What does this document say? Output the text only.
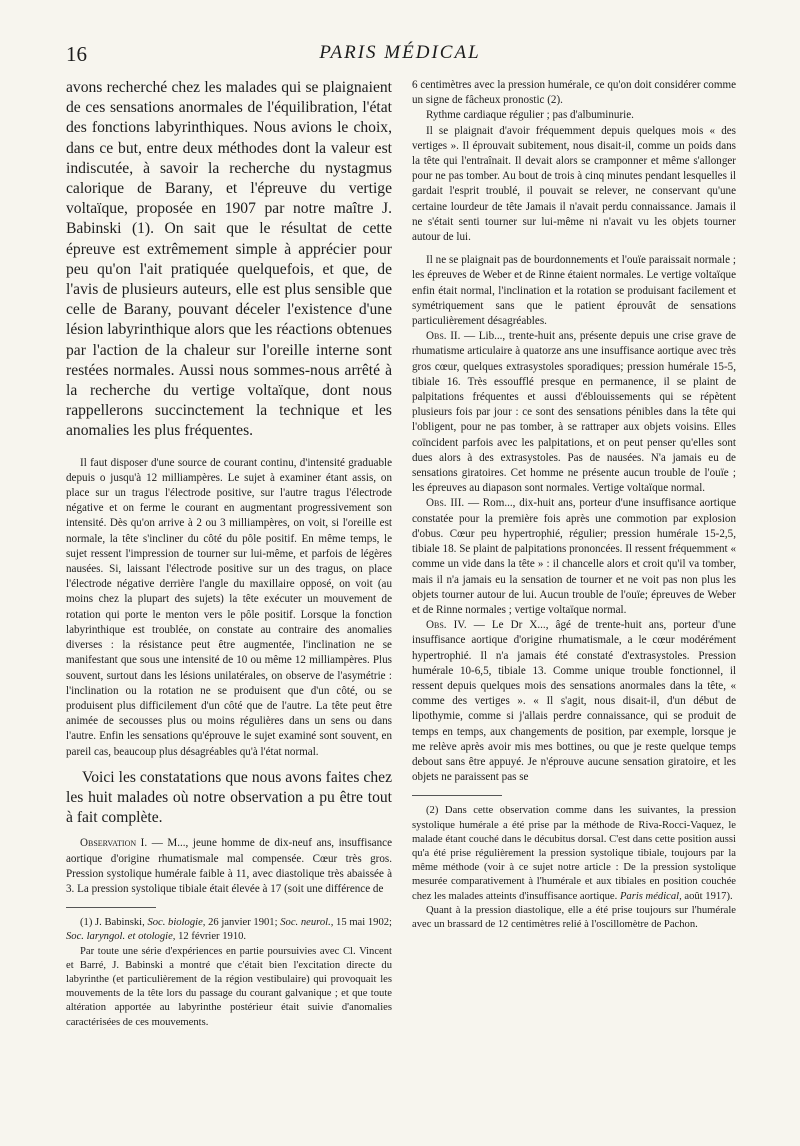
16	PARIS MÉDICAL

avons recherché chez les malades qui se plaignaient de ces sensations anormales de l'équilibration, l'état des fonctions labyrinthiques. Nous avions le choix, dans ce but, entre deux méthodes dont la valeur est indiscutée, à savoir la recherche du nystagmus calorique de Barany, et l'épreuve du vertige voltaïque, proposée en 1907 par notre maître J. Babinski (1). On sait que le résultat de cette épreuve est extrêmement simple à apprécier pour peu qu'on l'ait pratiquée quelquefois, et que, de l'avis de plusieurs auteurs, elle est plus sensible que celle de Barany, pouvant déceler l'existence d'une lésion labyrinthique alors que les réactions obtenues par l'action de la chaleur sur l'oreille interne sont restées normales. Aussi nous sommes-nous arrêté à la recherche du vertige voltaïque, dont nous rappellerons succinctement la technique et les anomalies les plus fréquentes.

Il faut disposer d'une source de courant continu, d'intensité graduable depuis o jusqu'à 12 milliampères. Le sujet à examiner étant assis, on place sur un tragus l'électrode positive, sur l'autre tragus l'électrode négative et on ferme le courant en augmentant progressivement son intensité. Dès qu'on arrive à 2 ou 3 milliampères, on voit, si l'oreille est normale, la tête s'incliner du côté du pôle positif. En même temps, le sujet ressent l'impression de tourner sur lui-même, et parfois de légères nausées. Si, laissant l'électrode positive sur un des tragus, on place l'électrode négative derrière l'angle du maxillaire opposé, on voit (au moins chez la plupart des sujets) la tête exécuter un mouvement de rotation qui porte le menton vers le pôle positif. Lorsque la fonction labyrinthique est troublée, on constate au contraire des anomalies diverses : la résistance peut être augmentée, l'inclination ne se manifestant que sous une intensité de 10 ou même 12 milliampères. Plus souvent, surtout dans les lésions unilatérales, on observe de l'asymétrie : l'inclination ou la rotation ne se produisent que d'un côté, ou se produisent plus difficilement d'un côté que de l'autre. La tête peut être animée de secousses plus ou moins régulières dans un sens ou dans l'autre. Enfin les sensations qu'éprouve le sujet examiné sont souvent, en pareil cas, beaucoup plus désagréables qu'à l'état normal.

Voici les constatations que nous avons faites chez les huit malades où notre observation a pu être tout à fait complète.

Observation I. — M..., jeune homme de dix-neuf ans, insuffisance aortique d'origine rhumatismale mal compensée. Cœur très gros. Pression systolique humérale faible à 11, avec diastolique très abaissée à 3. La pression systolique tibiale était élevée à 17 (soit une différence de

(1) J. Babinski, Soc. biologie, 26 janvier 1901; Soc. neurol., 15 mai 1902; Soc. laryngol. et otologie, 12 février 1910.

Par toute une série d'expériences en partie poursuivies avec Cl. Vincent et Barré, J. Babinski a montré que c'était bien l'excitation directe du labyrinthe (et particulièrement de la région vestibulaire) qui provoquait les mouvements de la tête lors du passage du courant galvanique ; et que toute altération apportée au labyrinthe postérieur était suivie d'anomalies caractérisées de ces mouvements.

6 centimètres avec la pression humérale, ce qu'on doit considérer comme un signe de fâcheux pronostic (2).

Rythme cardiaque régulier ; pas d'albuminurie.

Il se plaignait d'avoir fréquemment depuis quelques mois « des vertiges ». Il éprouvait subitement, nous disait-il, comme un poids dans la tête qui l'entraînait. Il devait alors se cramponner et même s'allonger pour ne pas tomber. Au bout de trois à cinq minutes pendant lesquelles il gardait l'esprit troublé, il pouvait se relever, ne conservant qu'une certaine lourdeur de tête Jamais il n'avait perdu connaissance. Jamais il ne s'était senti tourner sur lui-même ni n'avait vu les objets tourner autour de lui.

Il ne se plaignait pas de bourdonnements et l'ouïe paraissait normale ; les épreuves de Weber et de Rinne étaient normales. Le vertige voltaïque enfin était normal, l'inclination et la rotation se produisant facilement et symétriquement sans que le patient éprouvât de sensations particulièrement désagréables.

Obs. II. — Lib..., trente-huit ans, présente depuis une crise grave de rhumatisme articulaire à quatorze ans une insuffisance aortique avec très gros cœur, quelques extrasystoles sporadiques; pression humérale 15-5, tibiale 16. Très essoufflé presque en permanence, il se plaint de palpitations fréquentes et aussi d'éblouissements qui se répètent plusieurs fois par jour : ce sont des sensations pénibles dans la tête qui l'obligent, pour ne pas tomber, à se rattraper aux objets voisins. Elles coïncident parfois avec les palpitations, et on peut penser qu'elles sont dues alors à des extrasystoles. Pas de nausées. N'a jamais eu de sensations giratoires. Cet homme ne présente aucun trouble de l'ouïe ; les épreuves au diapason sont normales. Vertige voltaïque normal.

Obs. III. — Rom..., dix-huit ans, porteur d'une insuffisance aortique constatée pour la première fois après une commotion par explosion d'obus. Cœur peu hypertrophié, régulier; pression humérale 15-2,5, tibiale 18. Se plaint de palpitations prononcées. Il ressent fréquemment « comme un vide dans la tête » : il chancelle alors et croit qu'il va tomber, mais il n'a jamais eu la sensation de tourner et ne voit pas non plus les objets tourner autour de lui. Aucun trouble de l'ouïe; épreuves de Weber et de Rinne normales ; vertige voltaïque normal.

Obs. IV. — Le Dr X..., âgé de trente-huit ans, porteur d'une insuffisance aortique d'origine rhumatismale, a le cœur modérément hypertrophié. Il n'a jamais été constaté d'extrasystoles. Pression humérale 10-6,5, tibiale 13. Comme unique trouble fonctionnel, il ressent depuis quelques mois des sensations anormales dans la tête, « comme des vertiges ». « Il s'agit, nous disait-il, d'un début de lipothymie, comme si j'allais perdre connaissance, qui se produit de temps en temps, aux changements de position, par exemple, lorsque je me relève après avoir mis mes bottines, ou que je reste quelque temps debout sans être appuyé. Je n'éprouve aucune sensation giratoire, et les objets ne paraissent pas se

(2) Dans cette observation comme dans les suivantes, la pression systolique humérale a été prise par la méthode de Riva-Rocci-Vaquez, le malade étant couché dans le décubitus dorsal. C'est dans cette position aussi qu'a été prise régulièrement la pression systolique tibiale, toujours par la même méthode (voir à ce sujet notre article : De la pression systolique mesurée comparativement à l'humérale et aux tibiales en position couchée chez les malades atteints d'insuffisance aortique. Paris médical, août 1917).

Quant à la pression diastolique, elle a été prise toujours sur l'humérale avec un brassard de 12 centimètres relié à l'oscillomètre de Pachon.
